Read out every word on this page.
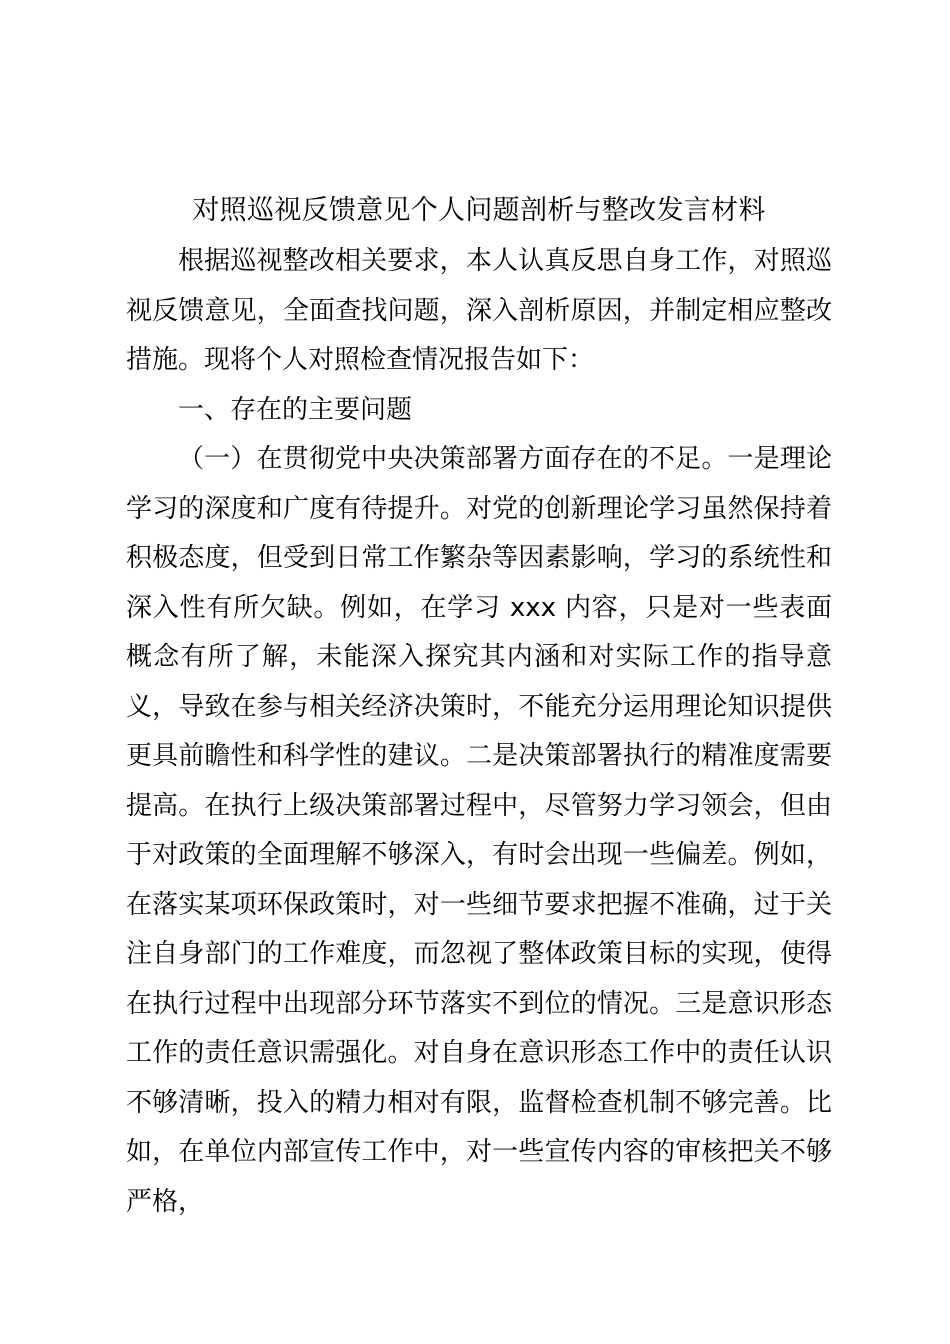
对照巡视反馈意见个人问题剖析与整改发言材料

根据巡视整改相关要求，本人认真反思自身工作，对照巡视反馈意见，全面查找问题，深入剖析原因，并制定相应整改措施。现将个人对照检查情况报告如下：

一、存在的主要问题

（一）在贯彻党中央决策部署方面存在的不足。一是理论学习的深度和广度有待提升。对党的创新理论学习虽然保持着积极态度，但受到日常工作繁杂等因素影响，学习的系统性和深入性有所欠缺。例如，在学习 xxx 内容，只是对一些表面概念有所了解，未能深入探究其内涵和对实际工作的指导意义，导致在参与相关经济决策时，不能充分运用理论知识提供更具前瞻性和科学性的建议。二是决策部署执行的精准度需要提高。在执行上级决策部署过程中，尽管努力学习领会，但由于对政策的全面理解不够深入，有时会出现一些偏差。例如，在落实某项环保政策时，对一些细节要求把握不准确，过于关注自身部门的工作难度，而忽视了整体政策目标的实现，使得在执行过程中出现部分环节落实不到位的情况。三是意识形态工作的责任意识需强化。对自身在意识形态工作中的责任认识不够清晰，投入的精力相对有限，监督检查机制不够完善。比如，在单位内部宣传工作中，对一些宣传内容的审核把关不够严格，
